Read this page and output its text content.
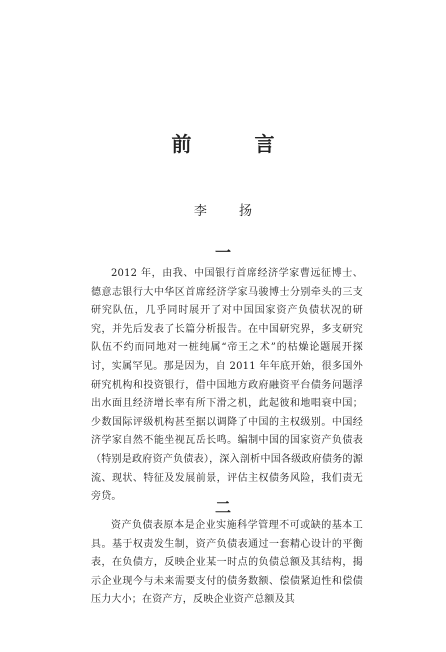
前 言
李 扬
一
2012 年，由我、中国银行首席经济学家曹远征博士、德意志银行大中华区首席经济学家马骏博士分别牵头的三支研究队伍，几乎同时展开了对中国国家资产负债状况的研究，并先后发表了长篇分析报告。在中国研究界，多支研究队伍不约而同地对一桩纯属“帝王之术”的枯燥论题展开探讨，实属罕见。那是因为，自 2011 年年底开始，很多国外研究机构和投资银行，借中国地方政府融资平台债务问题浮出水面且经济增长率有所下滑之机，此起彼和地唱衰中国；少数国际评级机构甚至据以调降了中国的主权级别。中国经济学家自然不能坐视瓦岳长鸣。编制中国的国家资产负债表（特别是政府资产负债表），深入剖析中国各级政府债务的源流、现状、特征及发展前景，评估主权债务风险，我们责无旁贷。
二
资产负债表原本是企业实施科学管理不可或缺的基本工具。基于权责发生制，资产负债表通过一套精心设计的平衡表，在负债方，反映企业某一时点的负债总额及其结构，揭示企业现今与未来需要支付的债务数额、偿债紧迫性和偿债压力大小；在资产方，反映企业资产总额及其
